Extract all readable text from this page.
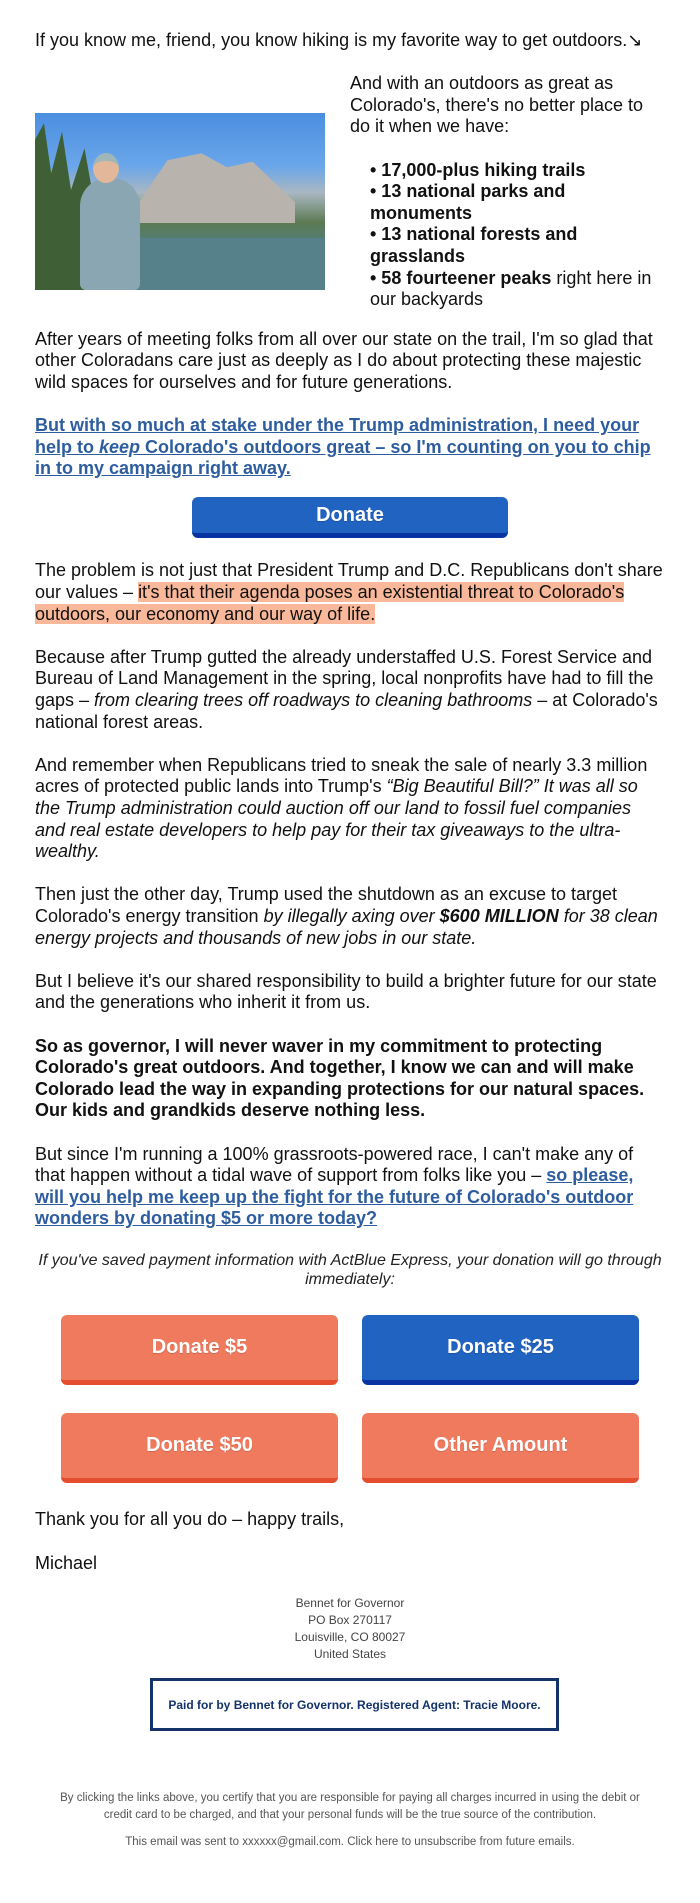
If you know me, friend, you know hiking is my favorite way to get outdoors.↘
And with an outdoors as great as Colorado's, there's no better place to do it when we have:
• 17,000-plus hiking trails
• 13 national parks and monuments
• 13 national forests and grasslands
• 58 fourteener peaks right here in our backyards
After years of meeting folks from all over our state on the trail, I'm so glad that other Coloradans care just as deeply as I do about protecting these majestic wild spaces for ourselves and for future generations.
But with so much at stake under the Trump administration, I need your help to keep Colorado's outdoors great – so I'm counting on you to chip in to my campaign right away.
Donate
The problem is not just that President Trump and D.C. Republicans don't share our values – it's that their agenda poses an existential threat to Colorado's outdoors, our economy and our way of life.
Because after Trump gutted the already understaffed U.S. Forest Service and Bureau of Land Management in the spring, local nonprofits have had to fill the gaps – from clearing trees off roadways to cleaning bathrooms – at Colorado's national forest areas.
And remember when Republicans tried to sneak the sale of nearly 3.3 million acres of protected public lands into Trump's “Big Beautiful Bill?” It was all so the Trump administration could auction off our land to fossil fuel companies and real estate developers to help pay for their tax giveaways to the ultra-wealthy.
Then just the other day, Trump used the shutdown as an excuse to target Colorado's energy transition by illegally axing over $600 MILLION for 38 clean energy projects and thousands of new jobs in our state.
But I believe it's our shared responsibility to build a brighter future for our state and the generations who inherit it from us.
So as governor, I will never waver in my commitment to protecting Colorado's great outdoors. And together, I know we can and will make Colorado lead the way in expanding protections for our natural spaces. Our kids and grandkids deserve nothing less.
But since I'm running a 100% grassroots-powered race, I can't make any of that happen without a tidal wave of support from folks like you – so please, will you help me keep up the fight for the future of Colorado's outdoor wonders by donating $5 or more today?
If you've saved payment information with ActBlue Express, your donation will go through immediately:
Donate $5	Donate $25
Donate $50	Other Amount
Thank you for all you do – happy trails,
Michael
Bennet for Governor
PO Box 270117
Louisville, CO 80027
United States
Paid for by Bennet for Governor. Registered Agent: Tracie Moore.

By clicking the links above, you certify that you are responsible for paying all charges incurred in using the debit or credit card to be charged, and that your personal funds will be the true source of the contribution.

This email was sent to xxxxxx@gmail.com. Click here to unsubscribe from future emails.
